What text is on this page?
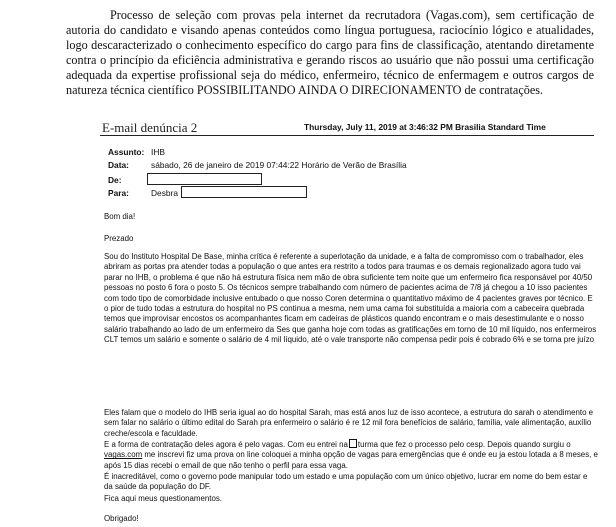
Processo de seleção com provas pela internet da recrutadora (Vagas.com), sem certificação de autoria do candidato e visando apenas conteúdos como língua portuguesa, raciocínio lógico e atualidades, logo descaracterizado o conhecimento específico do cargo para fins de classificação, atentando diretamente contra o princípio da eficiência administrativa e gerando riscos ao usuário que não possui uma certificação adequada da expertise profissional seja do médico, enfermeiro, técnico de enfermagem e outros cargos de natureza técnica científico POSSIBILITANDO AINDA O DIRECIONAMENTO de contratações.
E-mail denúncia 2	Thursday, July 11, 2019 at 3:46:32 PM Brasilia Standard Time
Assunto: IHB
Data:	sábado, 26 de janeiro de 2019 07:44:22 Horário de Verão de Brasília
De:
Para:	Desbra
Bom dia!
Prezado
Sou do Instituto Hospital De Base, minha crítica é referente a superlotação da unidade, e a falta de compromisso com o trabalhador, eles abriram as portas pra atender todas a população o que antes era restrito a todos para traumas e os demais regionalizado agora tudo vai parar no IHB, o problema é que não há estrutura física nem mão de obra suficiente tem noite que um enfermeiro fica responsável por 40/50 pessoas no posto 6 fora o posto 5. Os técnicos sempre trabalhando com número de pacientes acima de 7/8 já chegou a 10 isso pacientes com todo tipo de comorbidade inclusive entubado o que nosso Coren determina o quantitativo máximo de 4 pacientes graves por técnico. E o pior de tudo todas a estrutura do hospital no PS continua a mesma, nem uma cama foi substituída a maioria com a cabeceira quebrada temos que improvisar encostos os acompanhantes ficam em cadeiras de plásticos quando encontram e o mais desestimulante e o nosso salário trabalhando ao lado de um enfermeiro da Ses que ganha hoje com todas as gratificações em torno de 10 mil líquido, nos enfermeiros CLT temos um salário e somente o salário de 4 mil líquido, até o vale transporte não compensa pedir pois é cobrado 6% e se torna pre juízo
Eles falam que o modelo do IHB seria igual ao do hospital Sarah, mas está anos luz de isso acontece, a estrutura do sarah o atendimento e sem falar no salário o último edital do Sarah pra enfermeiro o salário é re 12 mil fora benefícios de salário, família, vale alimentação, auxílio creche/escola e faculdade.
E a forma de contratação deles agora é pelo vagas. Com eu entrei na turma que fez o processo pelo cesp. Depois quando surgiu o vagas.com me inscrevi fiz uma prova on line coloquei a minha opção de vagas para emergências que é onde eu ja estou lotada a 8 meses, e após 15 dias recebi o email de que não tenho o perfil para essa vaga.
É inacreditável, como o governo pode manipular todo um estado e uma população com um único objetivo, lucrar em nome do bem estar e da saúde da população do DF.
Fica aqui meus questionamentos.
Obrigado!
